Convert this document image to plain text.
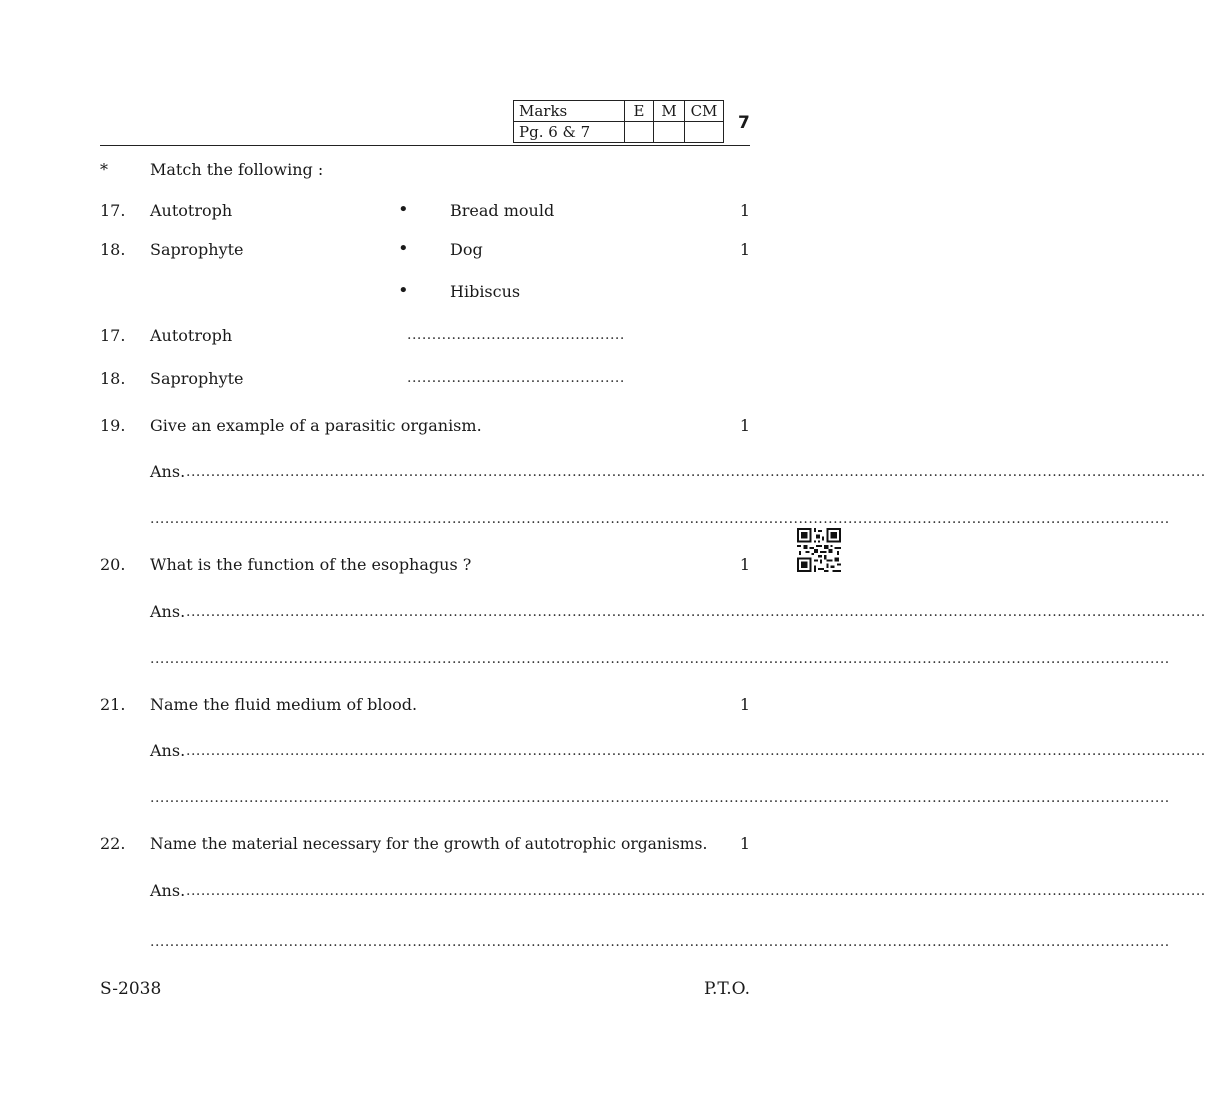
Marks	E	M	CM
Pg. 6 & 7				7
*	Match the following :
17. Autotroph	•	Bread mould	1
18. Saprophyte	•	Dog	1
•	Hibiscus
17. Autotroph	............................................
18. Saprophyte	............................................
19. Give an example of a parasitic organism.	1
Ans. ..............................................................................................................................................................................................................
..............................................................................................................................................................................................................
20. What is the function of the esophagus ?	1
Ans. ..............................................................................................................................................................................................................
..............................................................................................................................................................................................................
21. Name the fluid medium of blood.	1
Ans. ..............................................................................................................................................................................................................
..............................................................................................................................................................................................................
22. Name the material necessary for the growth of autotrophic organisms.	1
Ans. ..............................................................................................................................................................................................................
..............................................................................................................................................................................................................
S-2038	P.T.O.
